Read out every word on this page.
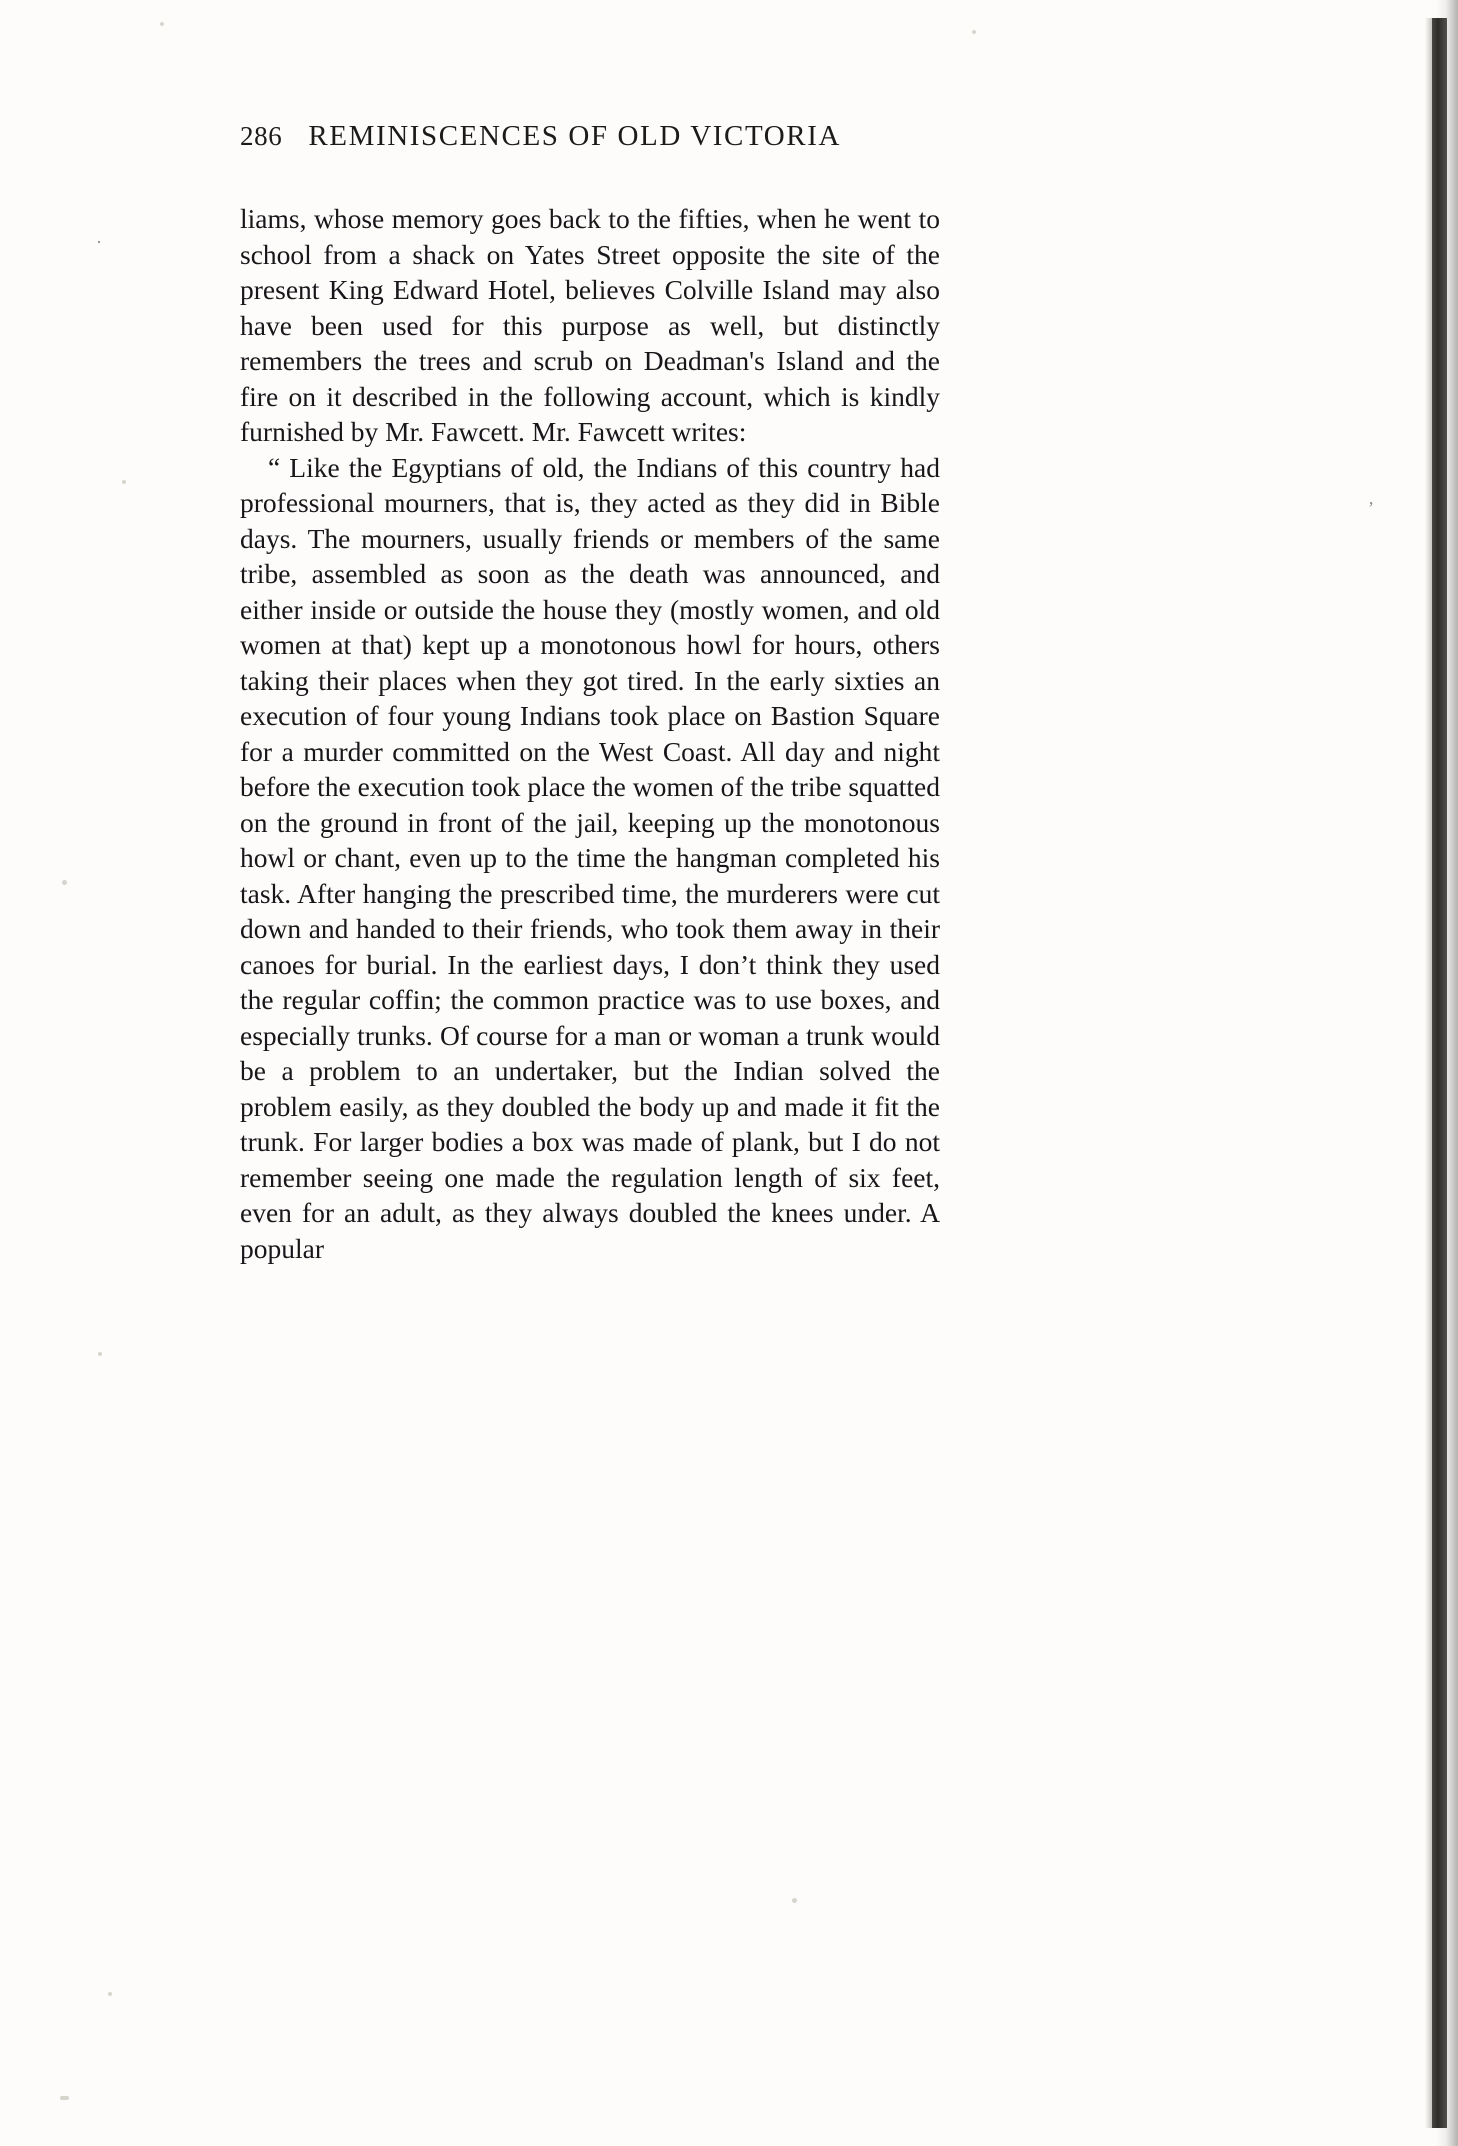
·
’
286 REMINISCENCES OF OLD VICTORIA

liams, whose memory goes back to the fifties, when he went to school from a shack on Yates Street opposite the site of the present King Edward Hotel, believes Colville Island may also have been used for this purpose as well, but distinctly remembers the trees and scrub on Deadman's Island and the fire on it described in the following account, which is kindly furnished by Mr. Fawcett. Mr. Fawcett writes:

“ Like the Egyptians of old, the Indians of this country had professional mourners, that is, they acted as they did in Bible days. The mourners, usually friends or members of the same tribe, assembled as soon as the death was announced, and either inside or outside the house they (mostly women, and old women at that) kept up a monotonous howl for hours, others taking their places when they got tired. In the early sixties an execution of four young Indians took place on Bastion Square for a murder committed on the West Coast. All day and night before the execution took place the women of the tribe squatted on the ground in front of the jail, keeping up the monotonous howl or chant, even up to the time the hangman completed his task. After hanging the prescribed time, the murderers were cut down and handed to their friends, who took them away in their canoes for burial. In the earliest days, I don’t think they used the regular coffin; the common practice was to use boxes, and especially trunks. Of course for a man or woman a trunk would be a problem to an undertaker, but the Indian solved the problem easily, as they doubled the body up and made it fit the trunk. For larger bodies a box was made of plank, but I do not remember seeing one made the regulation length of six feet, even for an adult, as they always doubled the knees under. A popular
